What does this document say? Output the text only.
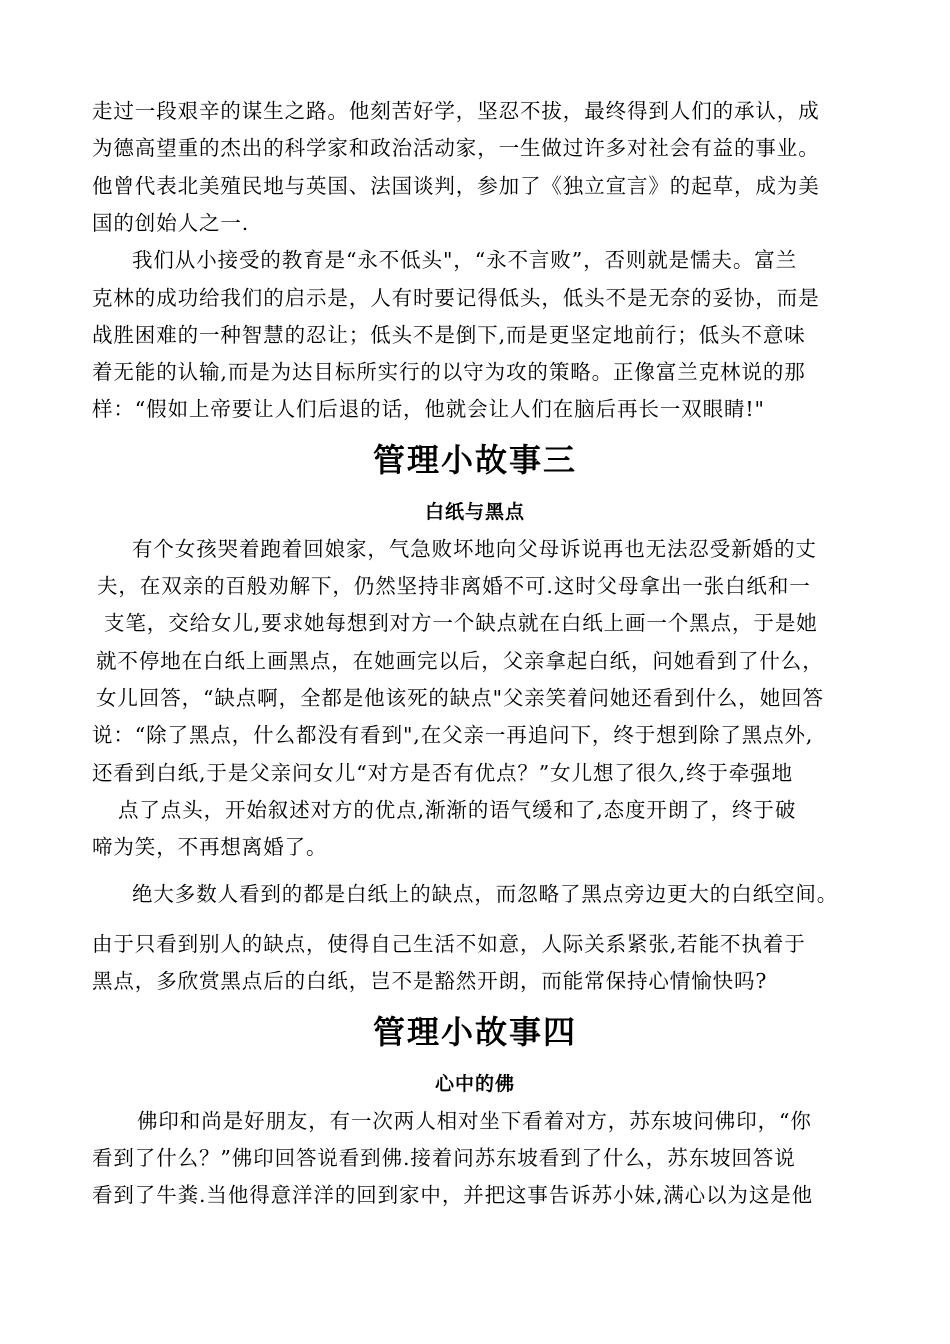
走过一段艰辛的谋生之路。他刻苦好学，坚忍不拔，最终得到人们的承认，成
为德高望重的杰出的科学家和政治活动家，一生做过许多对社会有益的事业。
他曾代表北美殖民地与英国、法国谈判，参加了《独立宣言》的起草，成为美
国的创始人之一.
我们从小接受的教育是“永不低头"，“永不言败”，否则就是懦夫。富兰
克林的成功给我们的启示是，人有时要记得低头，低头不是无奈的妥协，而是
战胜困难的一种智慧的忍让；低头不是倒下,而是更坚定地前行；低头不意味
着无能的认输,而是为达目标所实行的以守为攻的策略。正像富兰克林说的那
样：“假如上帝要让人们后退的话，他就会让人们在脑后再长一双眼睛!"
管理小故事三
白纸与黑点
有个女孩哭着跑着回娘家，气急败坏地向父母诉说再也无法忍受新婚的丈
夫，在双亲的百般劝解下，仍然坚持非离婚不可.这时父母拿出一张白纸和一
支笔，交给女儿,要求她每想到对方一个缺点就在白纸上画一个黑点，于是她
就不停地在白纸上画黑点，在她画完以后，父亲拿起白纸，问她看到了什么，
女儿回答，“缺点啊，全都是他该死的缺点"父亲笑着问她还看到什么，她回答
说：“除了黑点，什么都没有看到",在父亲一再追问下，终于想到除了黑点外,
还看到白纸,于是父亲问女儿“对方是否有优点？”女儿想了很久,终于牵强地
点了点头，开始叙述对方的优点,渐渐的语气缓和了,态度开朗了，终于破
啼为笑，不再想离婚了。
绝大多数人看到的都是白纸上的缺点，而忽略了黑点旁边更大的白纸空间。
由于只看到别人的缺点，使得自己生活不如意，人际关系紧张,若能不执着于
黑点，多欣赏黑点后的白纸，岂不是豁然开朗，而能常保持心情愉快吗?
管理小故事四
心中的佛
佛印和尚是好朋友，有一次两人相对坐下看着对方，苏东坡问佛印，“你
看到了什么？”佛印回答说看到佛.接着问苏东坡看到了什么，苏东坡回答说
看到了牛粪.当他得意洋洋的回到家中，并把这事告诉苏小妹,满心以为这是他
